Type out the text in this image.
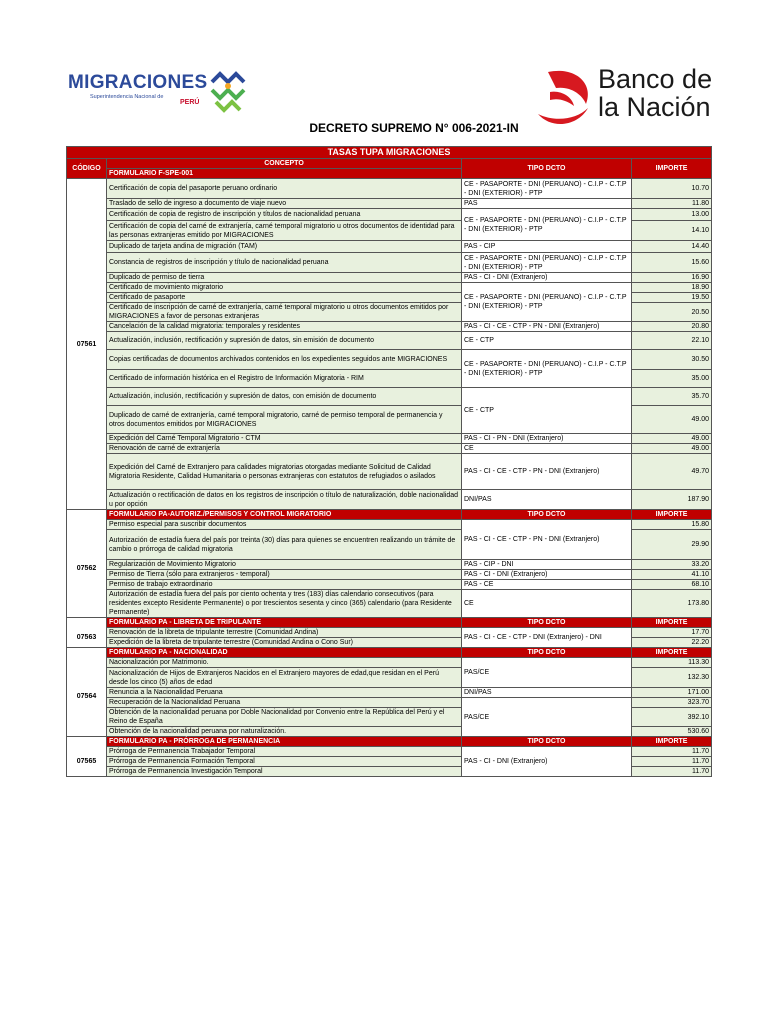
MIGRACIONES
Superintendencia Nacional de
PERÚ
Banco de
la Nación
DECRETO SUPREMO N° 006-2021-IN
TASAS TUPA MIGRACIONES			
CÓDIGO	CONCEPTO	TIPO DCTO	IMPORTE
	FORMULARIO F-SPE-001		
07561	Certificación de copia del pasaporte peruano ordinario	CE - PASAPORTE - DNI (PERUANO) - C.I.P - C.T.P - DNI (EXTERIOR) - PTP	10.70
	Traslado de sello de ingreso a documento de viaje nuevo	PAS	11.80
	Certificación de copia de registro de inscripción y títulos de nacionalidad peruana	CE - PASAPORTE - DNI (PERUANO) - C.I.P - C.T.P - DNI (EXTERIOR) - PTP	13.00
	Certificación de copia del carné de extranjería, carné temporal migratorio u otros documentos de identidad para las personas extranjeras emitido por MIGRACIONES		14.10
	Duplicado de tarjeta andina de migración (TAM)	PAS - CIP	14.40
	Constancia de registros de inscripción y título de nacionalidad peruana	CE - PASAPORTE - DNI (PERUANO) - C.I.P - C.T.P - DNI (EXTERIOR) - PTP	15.60
	Duplicado de permiso de tierra	PAS - CI - DNI (Extranjero)	16.90
	Certificado de movimiento migratorio	CE - PASAPORTE - DNI (PERUANO) - C.I.P - C.T.P - DNI (EXTERIOR) - PTP	18.90
	Certificado de pasaporte		19.50
	Certificado de inscripción de carné de extranjería, carné temporal migratorio u otros documentos emitidos por MIGRACIONES a favor de personas extranjeras		20.50
	Cancelación de la calidad migratoria: temporales y residentes	PAS - CI - CE - CTP - PN - DNI (Extranjero)	20.80
	Actualización, inclusión, rectificación y supresión de datos, sin emisión de documento	CE - CTP	22.10
	Copias certificadas de documentos archivados contenidos en los expedientes seguidos ante MIGRACIONES	CE - PASAPORTE - DNI (PERUANO) - C.I.P - C.T.P - DNI (EXTERIOR) - PTP	30.50
	Certificado de información histórica en el Registro de Información Migratoria - RIM		35.00
	Actualización, inclusión, rectificación y supresión de datos, con emisión de documento	CE - CTP	35.70
	Duplicado de carné de extranjería, carné temporal migratorio, carné de permiso temporal de permanencia y otros documentos emitidos por MIGRACIONES		49.00
	Expedición del Carné Temporal Migratorio - CTM	PAS - CI - PN - DNI (Extranjero)	49.00
	Renovación de carné de extranjería	CE	49.00
	Expedición del Carné de Extranjero para calidades migratorias otorgadas mediante Solicitud de Calidad Migratoria Residente, Calidad Humanitaria o personas extranjeras con estatutos de refugiados o asilados	PAS - CI - CE - CTP - PN - DNI (Extranjero)	49.70
	Actualización o rectificación de datos en los registros de inscripción o título de naturalización, doble nacionalidad u por opción	DNI/PAS	187.90
	FORMULARIO PA-AUTORIZ./PERMISOS Y CONTROL MIGRATORIO	TIPO DCTO	IMPORTE
07562	Permiso especial para suscribir documentos	PAS - CI - CE - CTP - PN - DNI (Extranjero)	15.80
	Autorización de estadía fuera del país por treinta (30) días para quienes se encuentren realizando un trámite de cambio o prórroga de calidad migratoria		29.90
	Regularización de Movimiento Migratorio	PAS - CIP - DNI	33.20
	Permiso de Tierra (sólo para extranjeros - temporal)	PAS - CI - DNI (Extranjero)	41.10
	Permiso de trabajo extraordinario	PAS - CE	68.10
	Autorización de estadía fuera del país por ciento ochenta y tres (183) días calendario consecutivos (para residentes excepto Residente Permanente) o por trescientos sesenta y cinco (365) calendario (para Residente Permanente)	CE	173.80
	FORMULARIO PA - LIBRETA DE TRIPULANTE	TIPO DCTO	IMPORTE
07563	Renovación de la libreta de tripulante terrestre (Comunidad Andina)	PAS - CI - CE - CTP - DNI (Extranjero) - DNI	17.70
	Expedición de la libreta de tripulante terrestre (Comunidad Andina o Cono Sur)		22.20
	FORMULARIO PA - NACIONALIDAD	TIPO DCTO	IMPORTE
07564	Nacionalización por Matrimonio.	PAS/CE	113.30
	Nacionalización de Hijos de Extranjeros Nacidos en el Extranjero mayores de edad,que residan en el Perú desde los cinco (5) años de edad		132.30
	Renuncia a la Nacionalidad Peruana	DNI/PAS	171.00
	Recuperación de la Nacionalidad Peruana	PAS/CE	323.70
	Obtención de la nacionalidad peruana por Doble Nacionalidad por Convenio entre la República del Perú y el Reino de España		392.10
	Obtención de la nacionalidad peruana por naturalización.		530.60
	FORMULARIO PA - PRÓRROGA DE PERMANENCIA	TIPO DCTO	IMPORTE
07565	Prórroga de Permanencia Trabajador Temporal	PAS - CI - DNI (Extranjero)	11.70
	Prórroga de Permanencia Formación Temporal		11.70
	Prórroga de Permanencia Investigación Temporal		11.70
